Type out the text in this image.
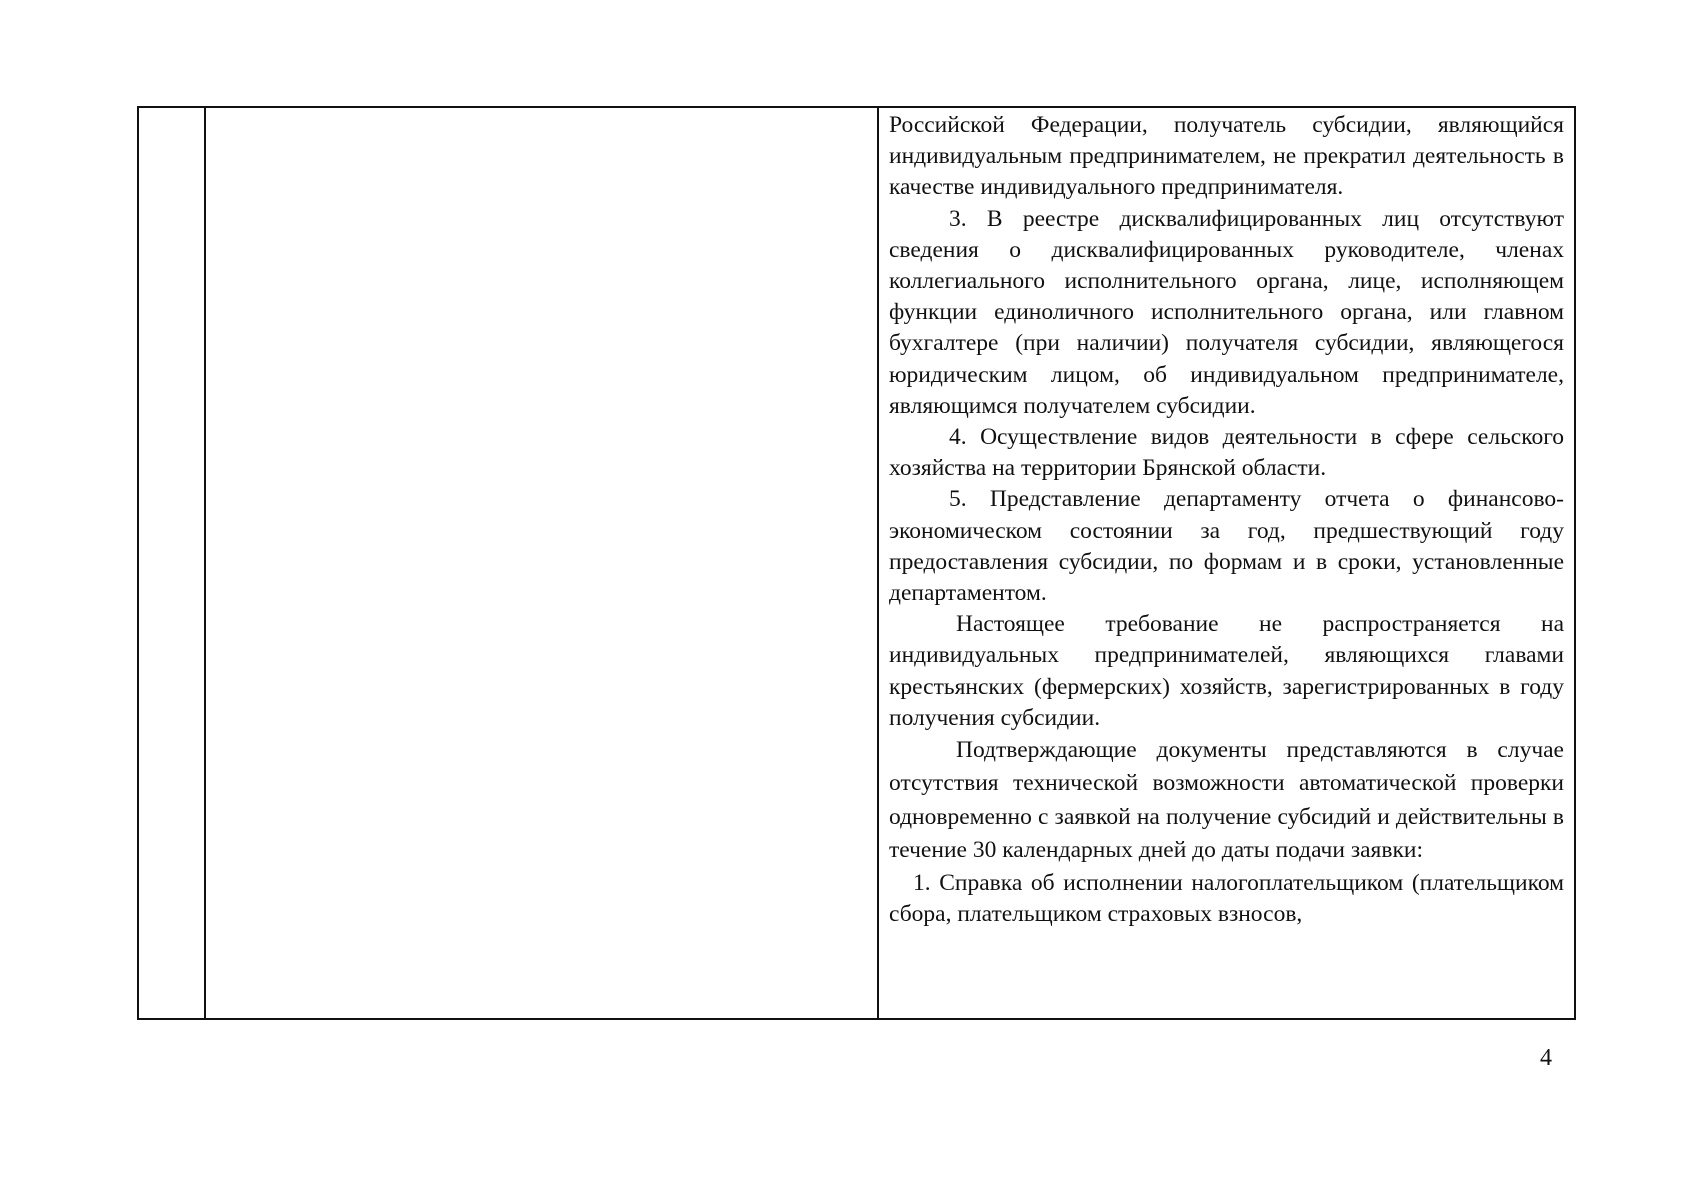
Российской Федерации, получатель субсидии, являющийся индивидуальным предпринимателем, не прекратил деятельность в качестве индивидуального предпринимателя.

3. В реестре дисквалифицированных лиц отсутствуют сведения о дисквалифицированных руководителе, членах коллегиального исполнительного органа, лице, исполняющем функции единоличного исполнительного органа, или главном бухгалтере (при наличии) получателя субсидии, являющегося юридическим лицом, об индивидуальном предпринимателе, являющимся получателем субсидии.

4. Осуществление видов деятельности в сфере сельского хозяйства на территории Брянской области.

5. Представление департаменту отчета о финансово-экономическом состоянии за год, предшествующий году предоставления субсидии, по формам и в сроки, установленные департаментом.

Настоящее требование не распространяется на индивидуальных предпринимателей, являющихся главами крестьянских (фермерских) хозяйств, зарегистрированных в году получения субсидии.

Подтверждающие документы представляются в случае отсутствия технической возможности автоматической проверки одновременно с заявкой на получение субсидий и действительны в течение 30 календарных дней до даты подачи заявки:

1. Справка об исполнении налогоплательщиком (плательщиком сбора, плательщиком страховых взносов,

4
